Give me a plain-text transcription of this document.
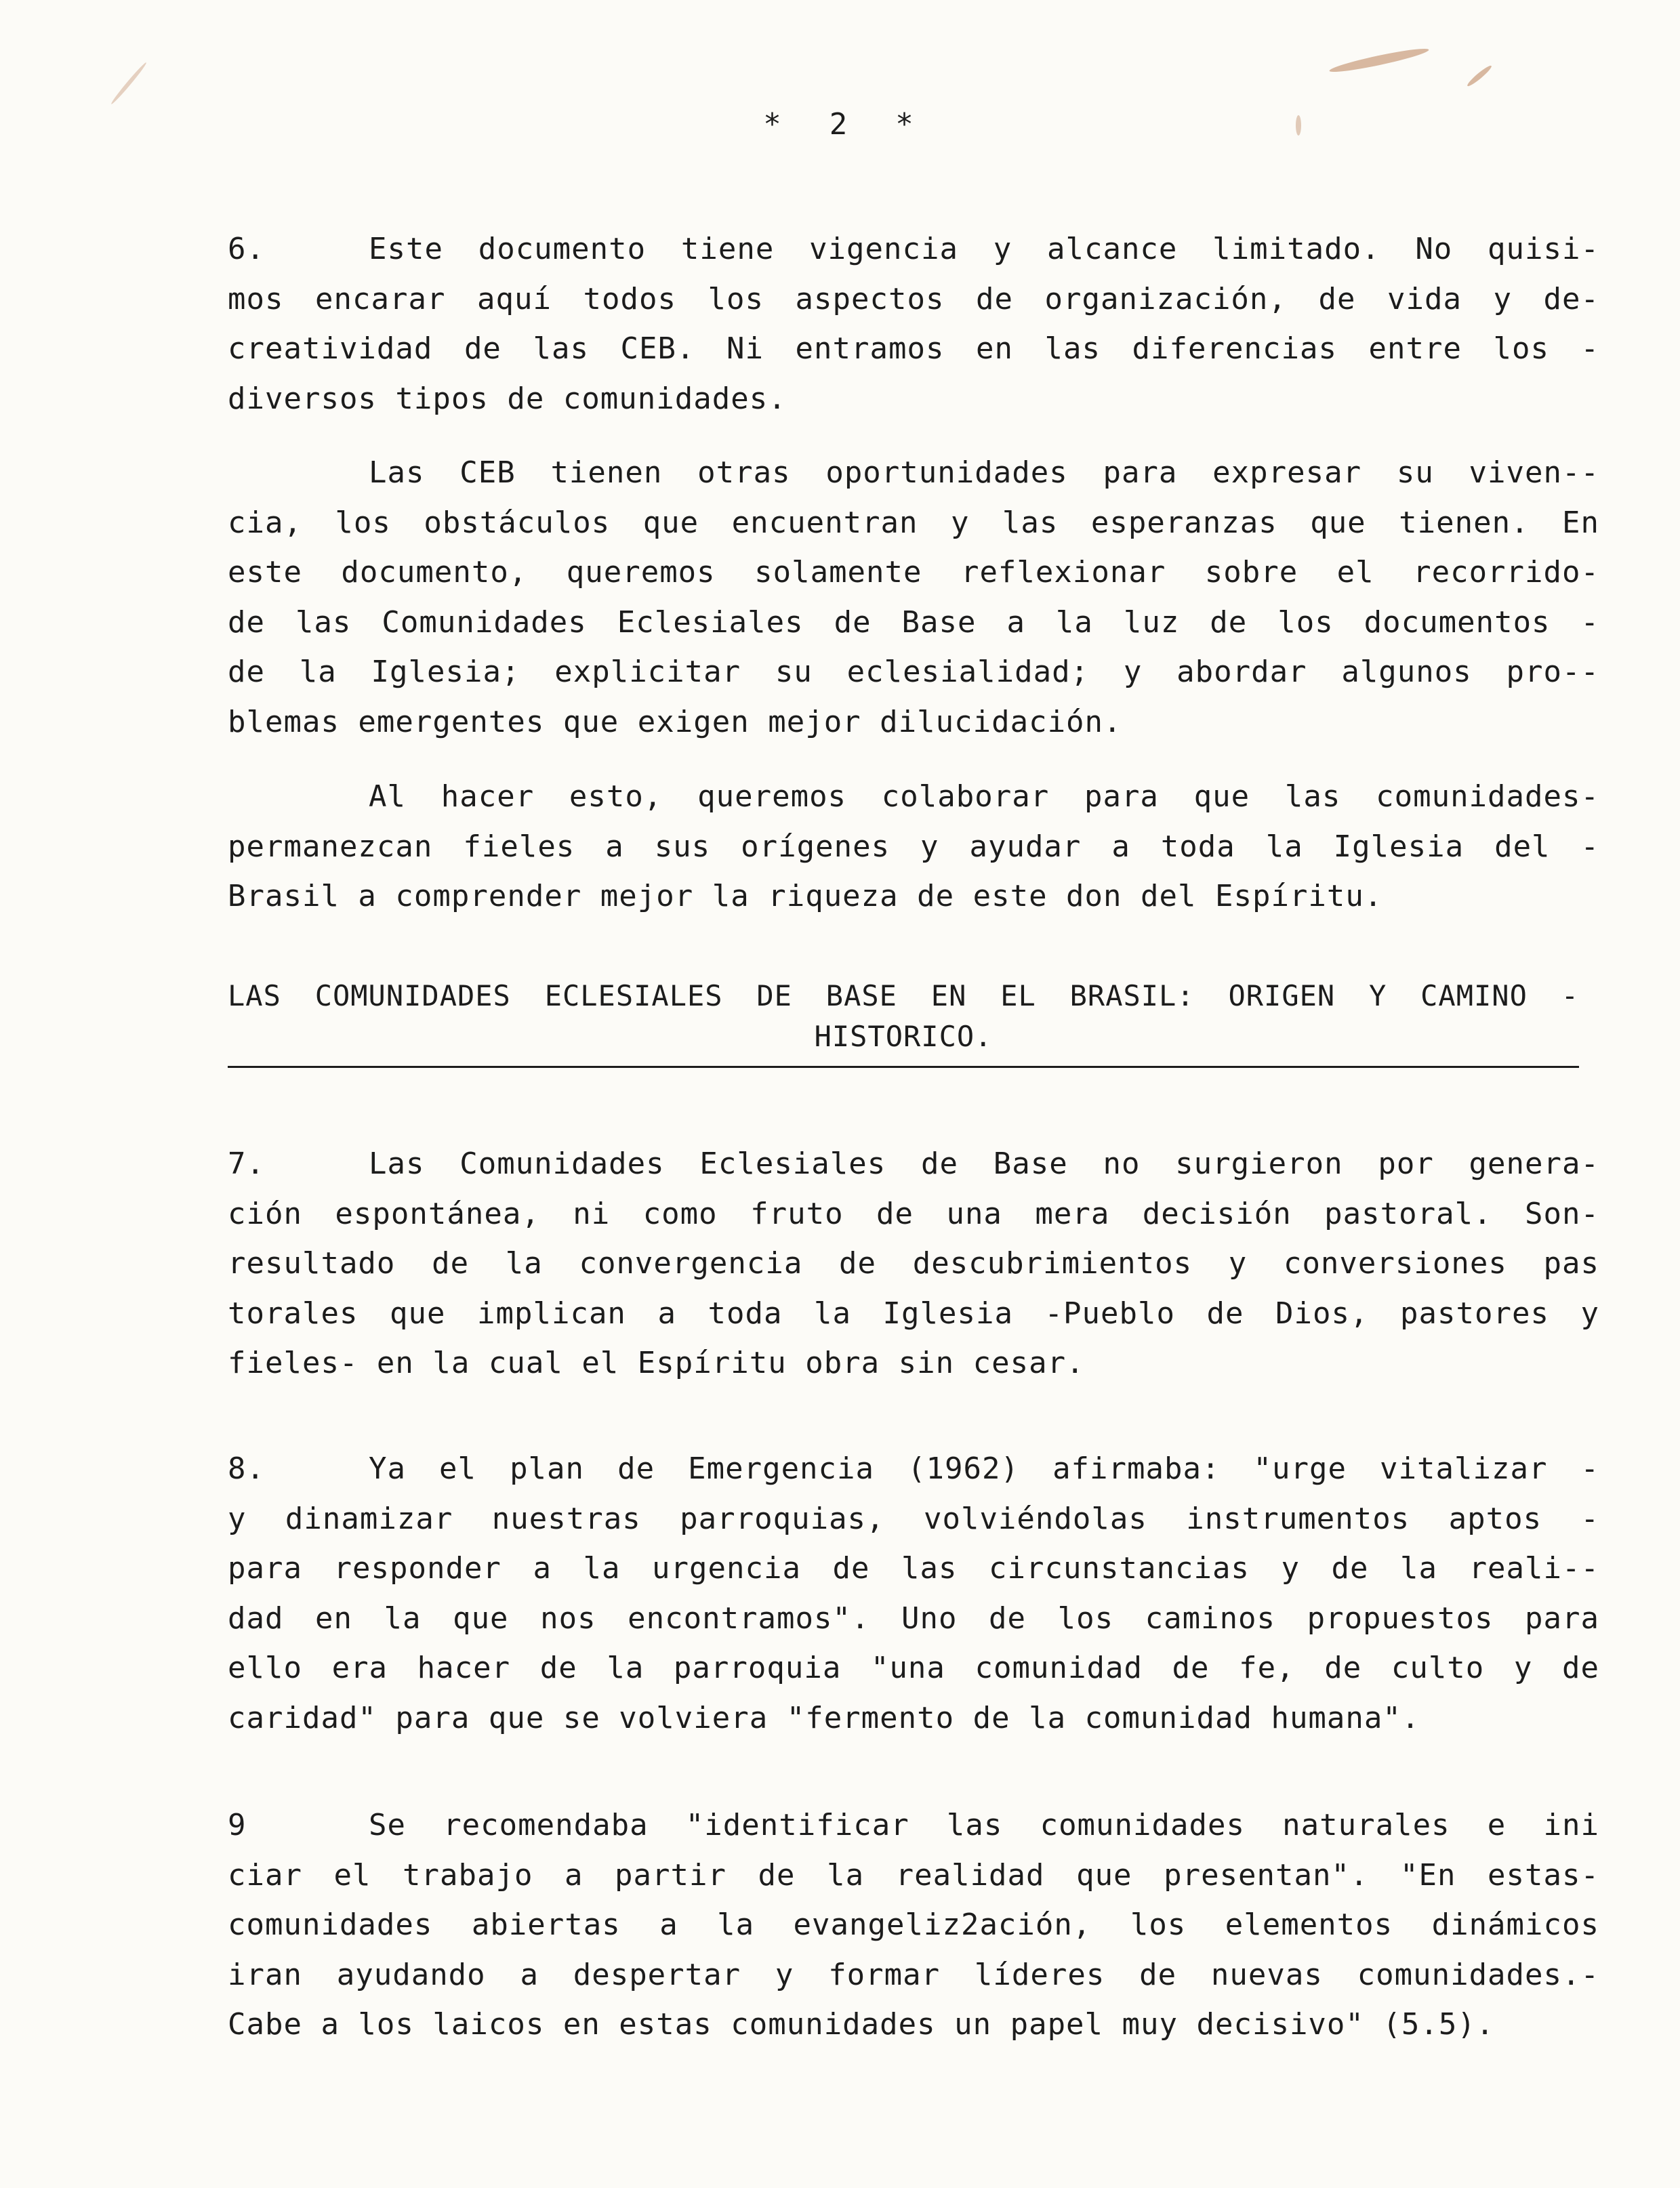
*  2  *
6.	Este documento tiene vigencia y alcance limitado. No quisi-
mos encarar aquí todos los aspectos de organización, de vida y de-
creatividad de las CEB. Ni entramos en las diferencias entre los -
diversos tipos de comunidades.
Las CEB tienen otras oportunidades para expresar su viven--
cia, los obstáculos que encuentran y las esperanzas que tienen. En
este documento, queremos solamente reflexionar sobre el recorrido-
de las Comunidades Eclesiales de Base a la luz de los documentos -
de la Iglesia; explicitar su eclesialidad; y abordar algunos pro--
blemas emergentes que exigen mejor dilucidación.
Al hacer esto, queremos colaborar para que las comunidades-
permanezcan fieles a sus orígenes y ayudar a toda la Iglesia del -
Brasil a comprender mejor la riqueza de este don del Espíritu.
LAS COMUNIDADES ECLESIALES DE BASE EN EL BRASIL: ORIGEN Y CAMINO -
HISTORICO.
7.	Las Comunidades Eclesiales de Base no surgieron por genera-
ción espontánea, ni como fruto de una mera decisión pastoral. Son-
resultado de la convergencia de descubrimientos y conversiones pas
torales que implican a toda la Iglesia -Pueblo de Dios, pastores y
fieles- en la cual el Espíritu obra sin cesar.
8.	Ya el plan de Emergencia (1962) afirmaba: "urge vitalizar -
y dinamizar nuestras parroquias, volviéndolas instrumentos aptos -
para responder a la urgencia de las circunstancias y de la reali--
dad en la que nos encontramos". Uno de los caminos propuestos para
ello era hacer de la parroquia "una comunidad de fe, de culto y de
caridad" para que se volviera "fermento de la comunidad humana".
9	Se recomendaba "identificar las comunidades naturales e ini
ciar el trabajo a partir de la realidad que presentan". "En estas-
comunidades abiertas a la evangeliz2ación, los elementos dinámicos
iran ayudando a despertar y formar líderes de nuevas comunidades.-
Cabe a los laicos en estas comunidades un papel muy decisivo" (5.5).
